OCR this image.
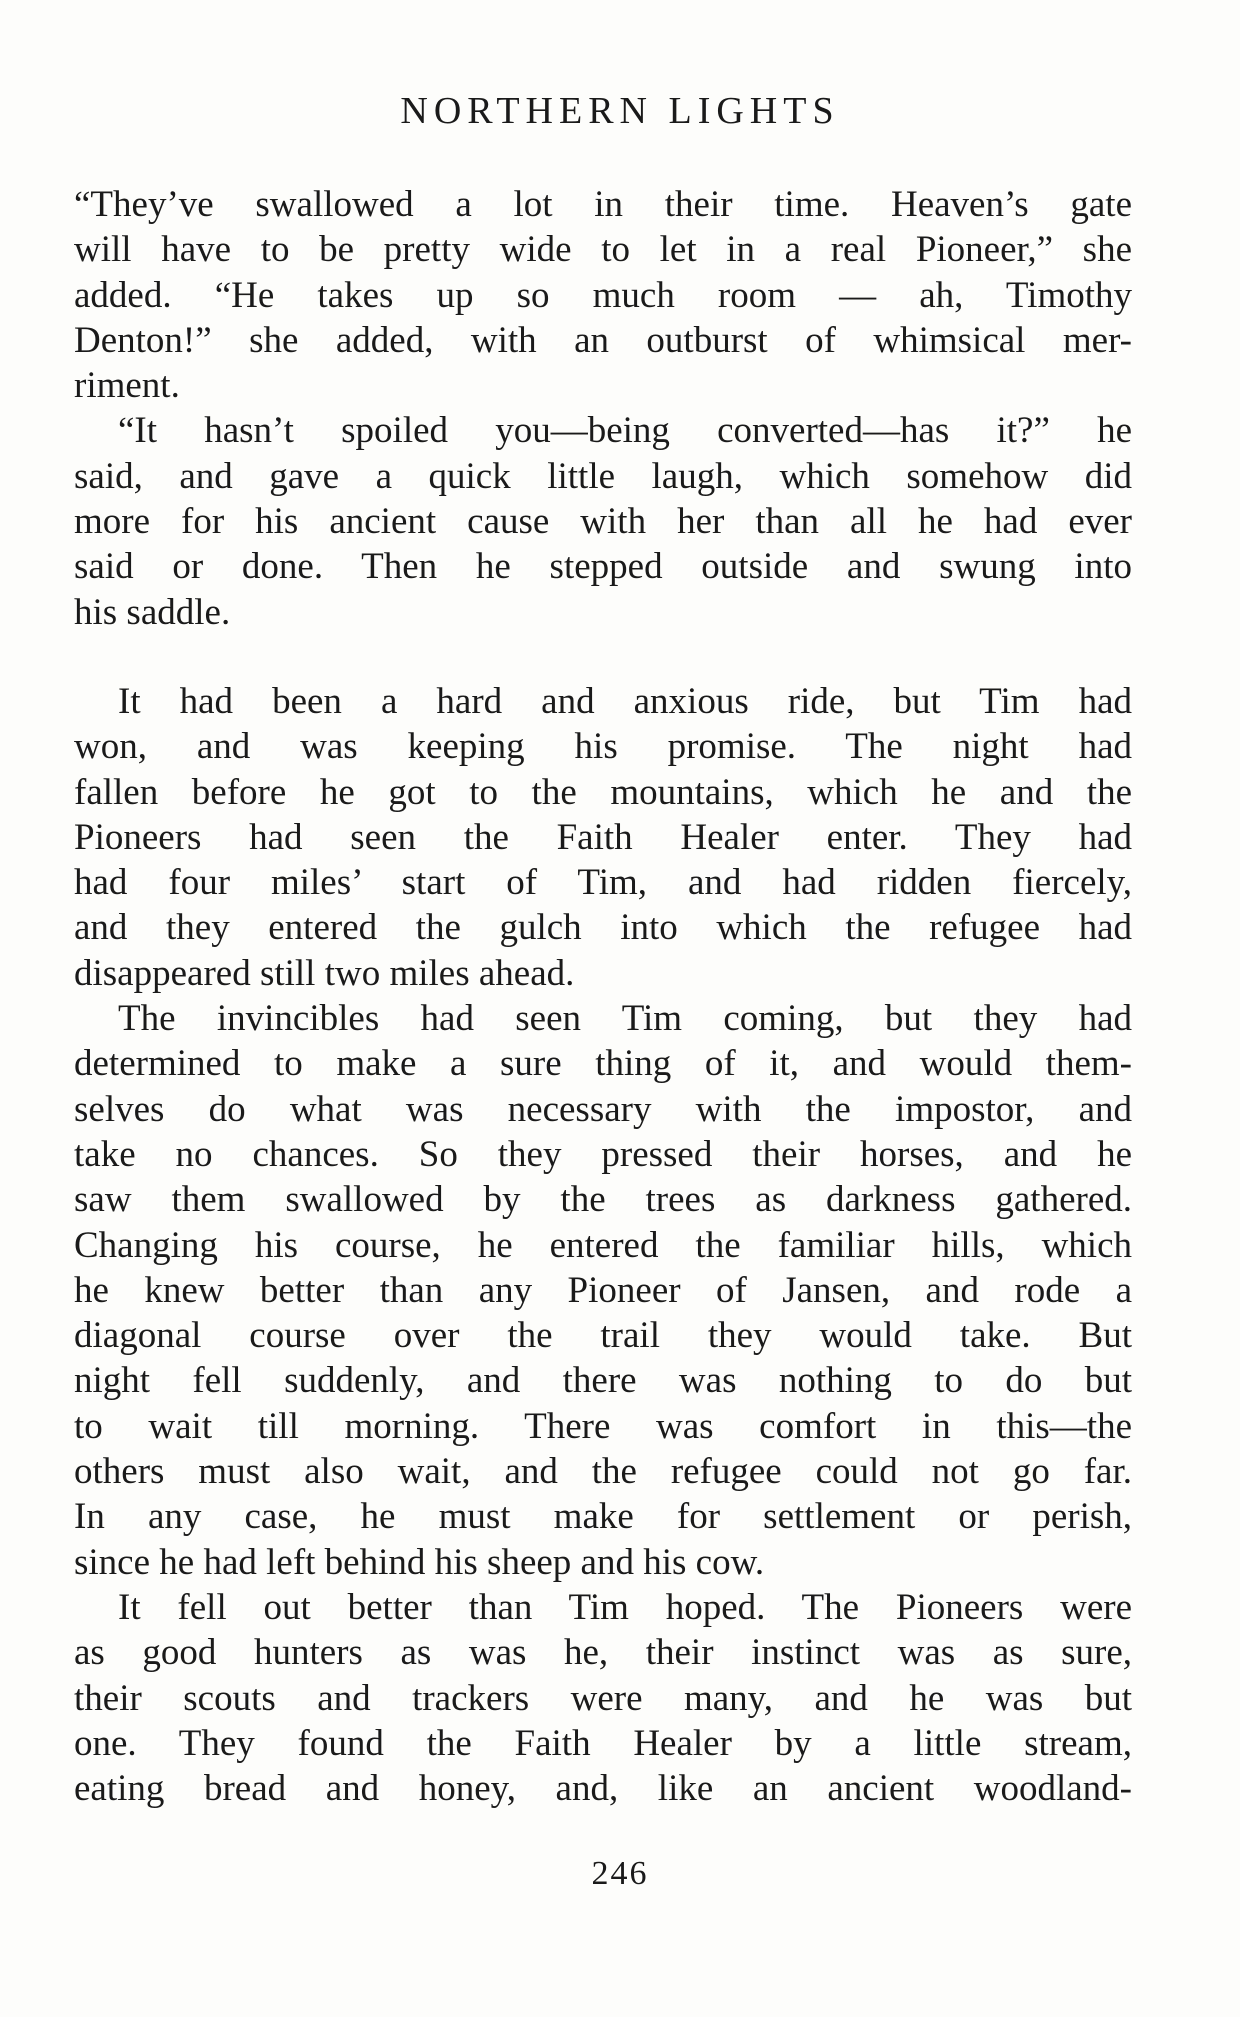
NORTHERN LIGHTS
“They’ve swallowed a lot in their time. Heaven’s gate
will have to be pretty wide to let in a real Pioneer,” she
added. “He takes up so much room — ah, Timothy
Denton!” she added, with an outburst of whimsical mer-
riment.
“It hasn’t spoiled you—being converted—has it?” he
said, and gave a quick little laugh, which somehow did
more for his ancient cause with her than all he had ever
said or done. Then he stepped outside and swung into
his saddle.
It had been a hard and anxious ride, but Tim had
won, and was keeping his promise. The night had
fallen before he got to the mountains, which he and the
Pioneers had seen the Faith Healer enter. They had
had four miles’ start of Tim, and had ridden fiercely,
and they entered the gulch into which the refugee had
disappeared still two miles ahead.
The invincibles had seen Tim coming, but they had
determined to make a sure thing of it, and would them-
selves do what was necessary with the impostor, and
take no chances. So they pressed their horses, and he
saw them swallowed by the trees as darkness gathered.
Changing his course, he entered the familiar hills, which
he knew better than any Pioneer of Jansen, and rode a
diagonal course over the trail they would take. But
night fell suddenly, and there was nothing to do but
to wait till morning. There was comfort in this—the
others must also wait, and the refugee could not go far.
In any case, he must make for settlement or perish,
since he had left behind his sheep and his cow.
It fell out better than Tim hoped. The Pioneers were
as good hunters as was he, their instinct was as sure,
their scouts and trackers were many, and he was but
one. They found the Faith Healer by a little stream,
eating bread and honey, and, like an ancient woodland-
246
